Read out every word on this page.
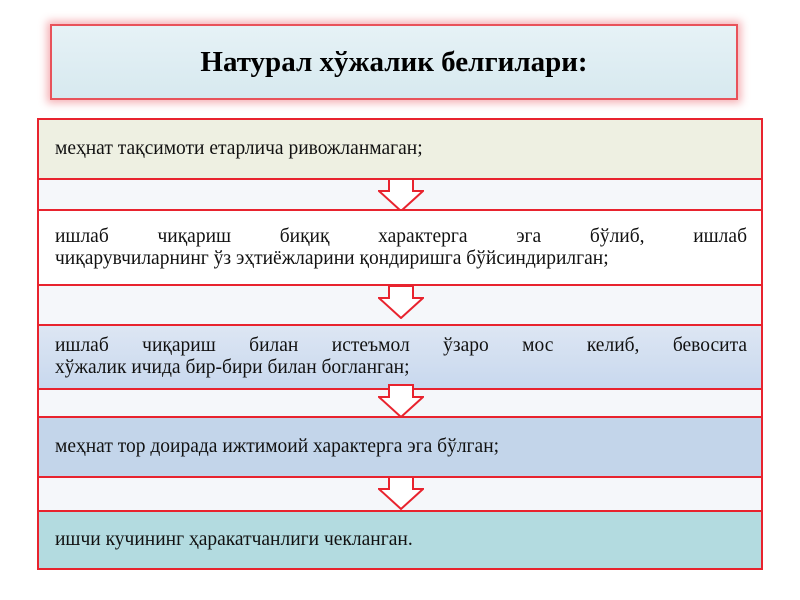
Натурал хўжалик белгилари:
меҳнат тақсимоти етарлича ривожланмаган;
ишлаб чиқариш биқиқ характерга эга бўлиб, ишлаб
чиқарувчиларнинг ўз эҳтиёжларини қондиришга бўйсиндирилган;
ишлаб чиқариш билан истеъмол ўзаро мос келиб, бевосита
хўжалик ичида бир-бири билан богланган;
меҳнат тор доирада ижтимоий характерга эга бўлган;
ишчи кучининг ҳаракатчанлиги чекланган.
